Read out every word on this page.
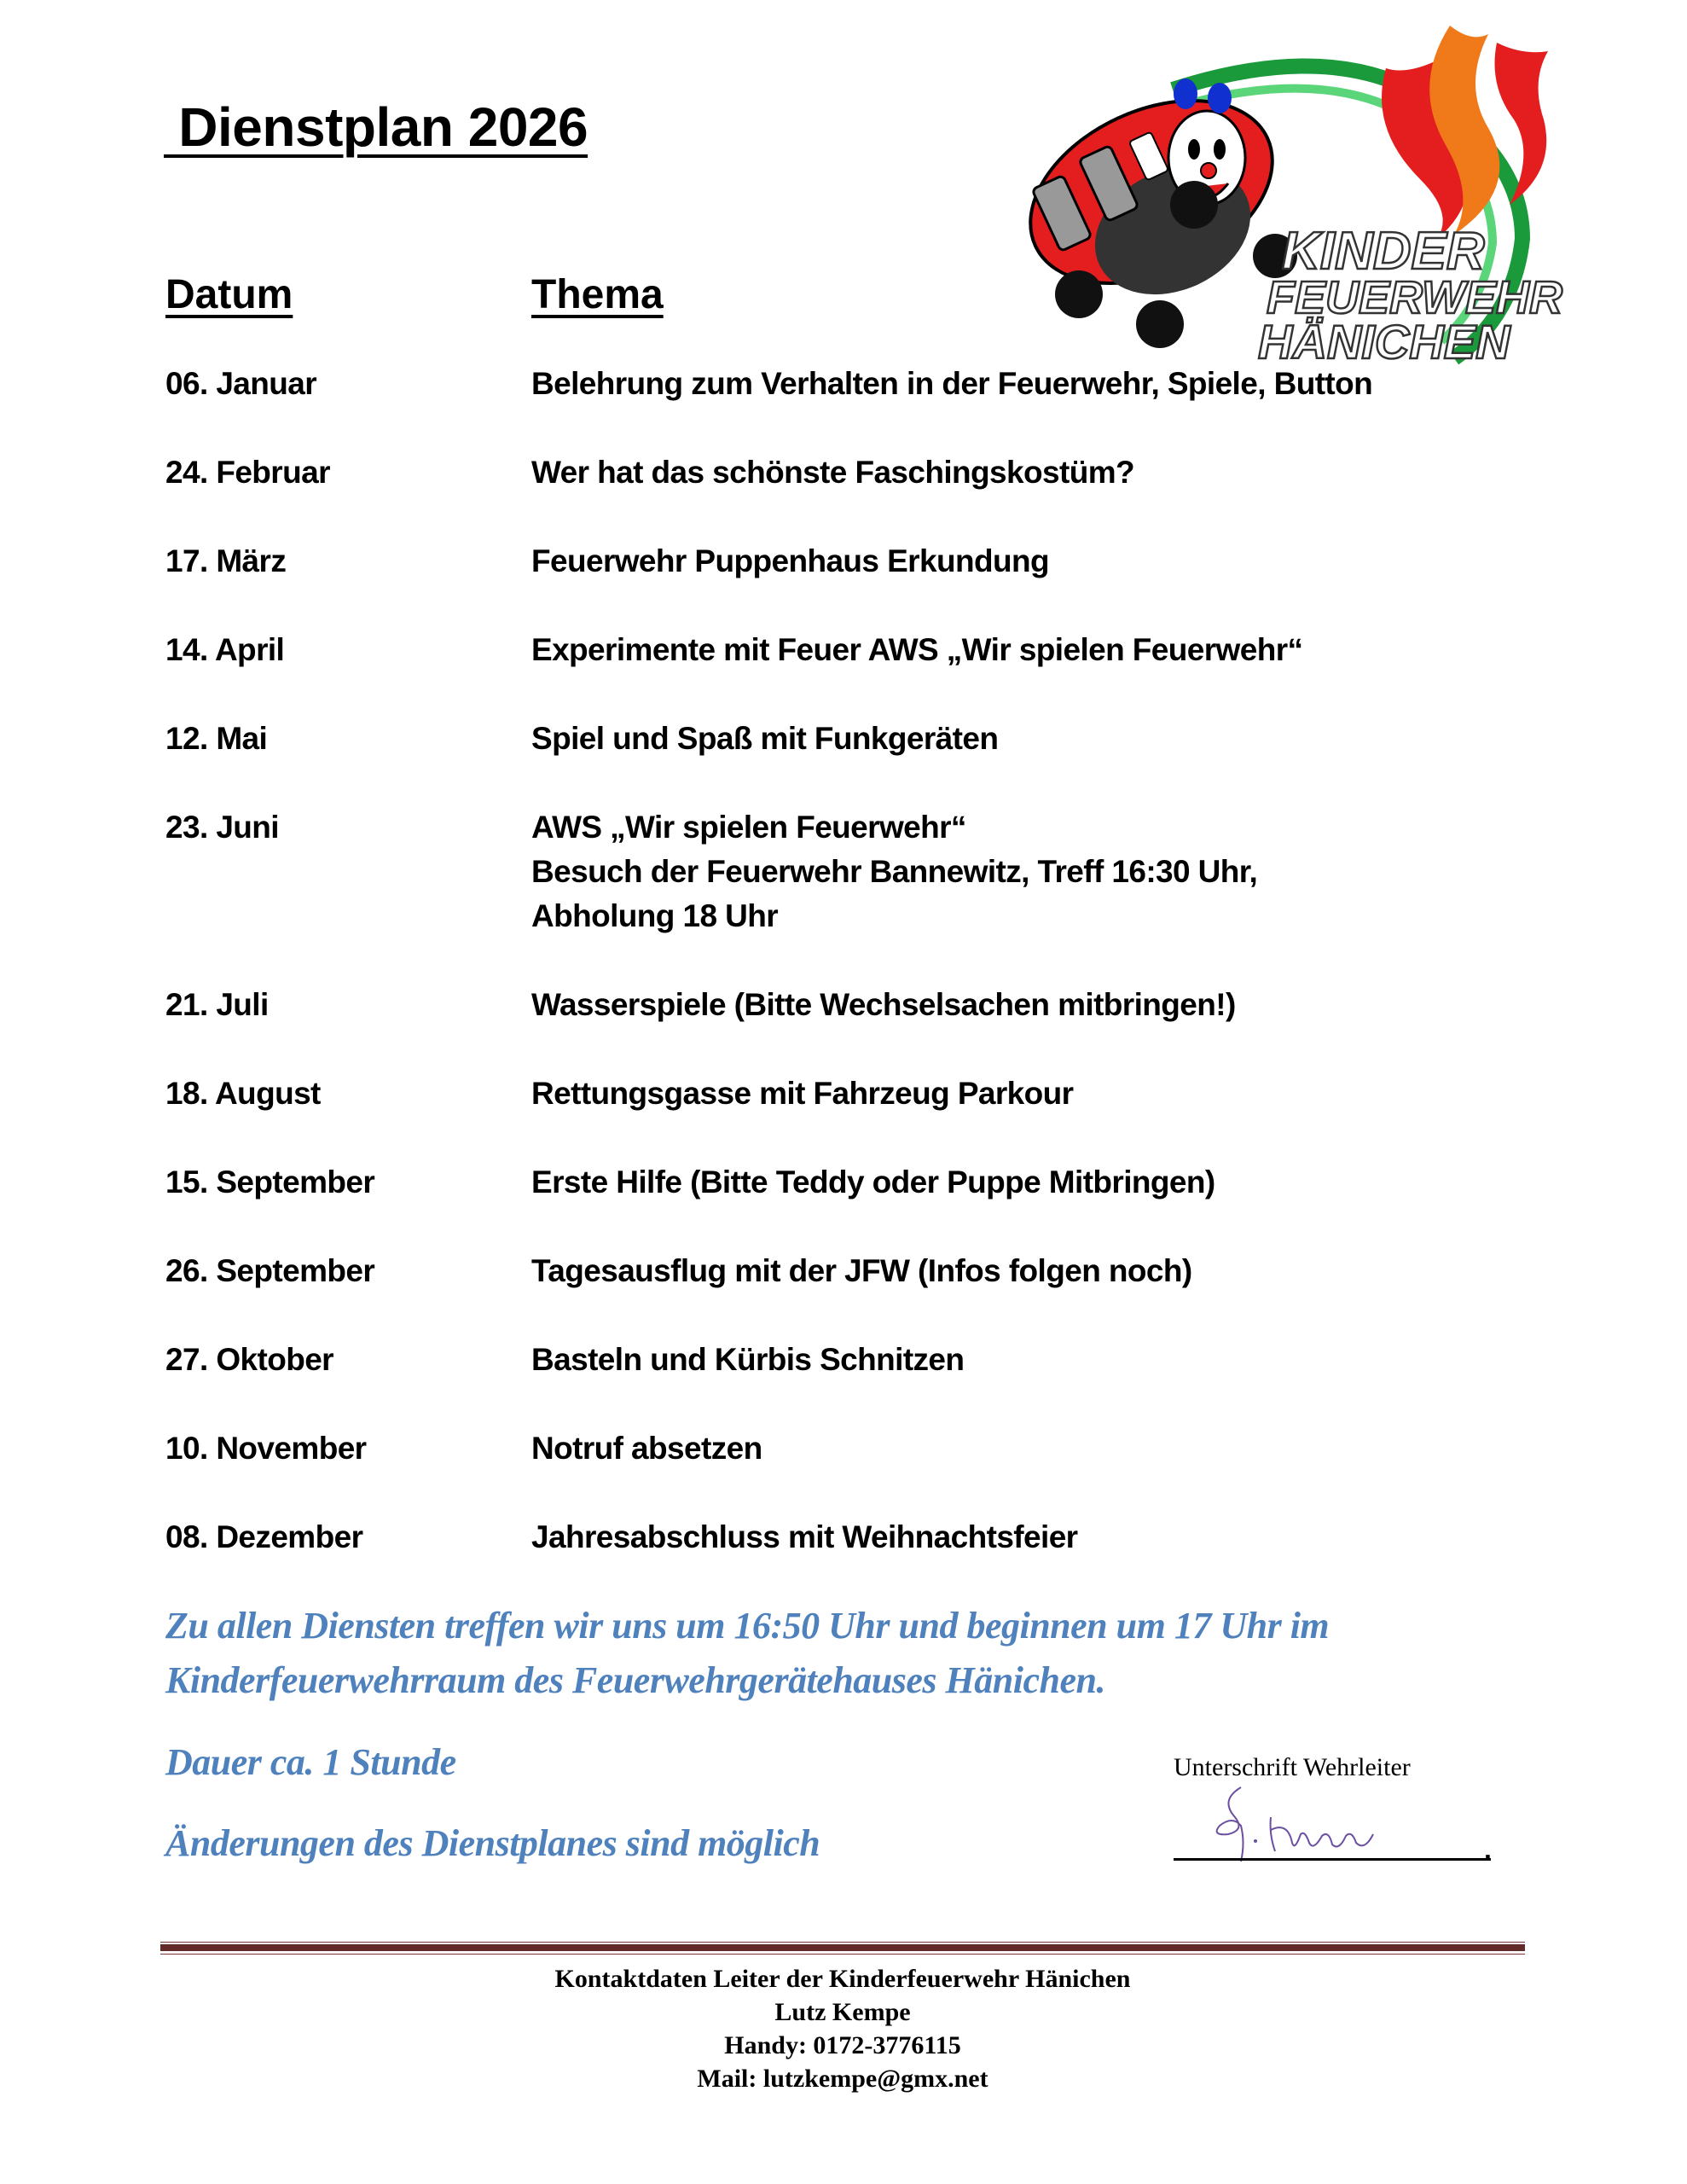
KINDER
FEUERWEHR
HÄNICHEN
Dienstplan 2026
Datum	Thema
06. Januar	Belehrung zum Verhalten in der Feuerwehr, Spiele, Button
24. Februar	Wer hat das schönste Faschingskostüm?
17. März	Feuerwehr Puppenhaus Erkundung
14. April	Experimente mit Feuer AWS „Wir spielen Feuerwehr“
12. Mai	Spiel und Spaß mit Funkgeräten
23. Juni	AWS „Wir spielen Feuerwehr“
Besuch der Feuerwehr Bannewitz, Treff 16:30 Uhr,
Abholung 18 Uhr
21. Juli	Wasserspiele (Bitte Wechselsachen mitbringen!)
18. August	Rettungsgasse mit Fahrzeug Parkour
15. September	Erste Hilfe (Bitte Teddy oder Puppe Mitbringen)
26. September	Tagesausflug mit der JFW (Infos folgen noch)
27. Oktober	Basteln und Kürbis Schnitzen
10. November	Notruf absetzen
08. Dezember	Jahresabschluss mit Weihnachtsfeier
Zu allen Diensten treffen wir uns um 16:50 Uhr und beginnen um 17 Uhr im Kinderfeuerwehrraum des Feuerwehrgerätehauses Hänichen.
Dauer ca. 1 Stunde
Änderungen des Dienstplanes sind möglich
Unterschrift Wehrleiter
.
Kontaktdaten Leiter der Kinderfeuerwehr Hänichen
Lutz Kempe
Handy: 0172-3776115
Mail: lutzkempe@gmx.net
